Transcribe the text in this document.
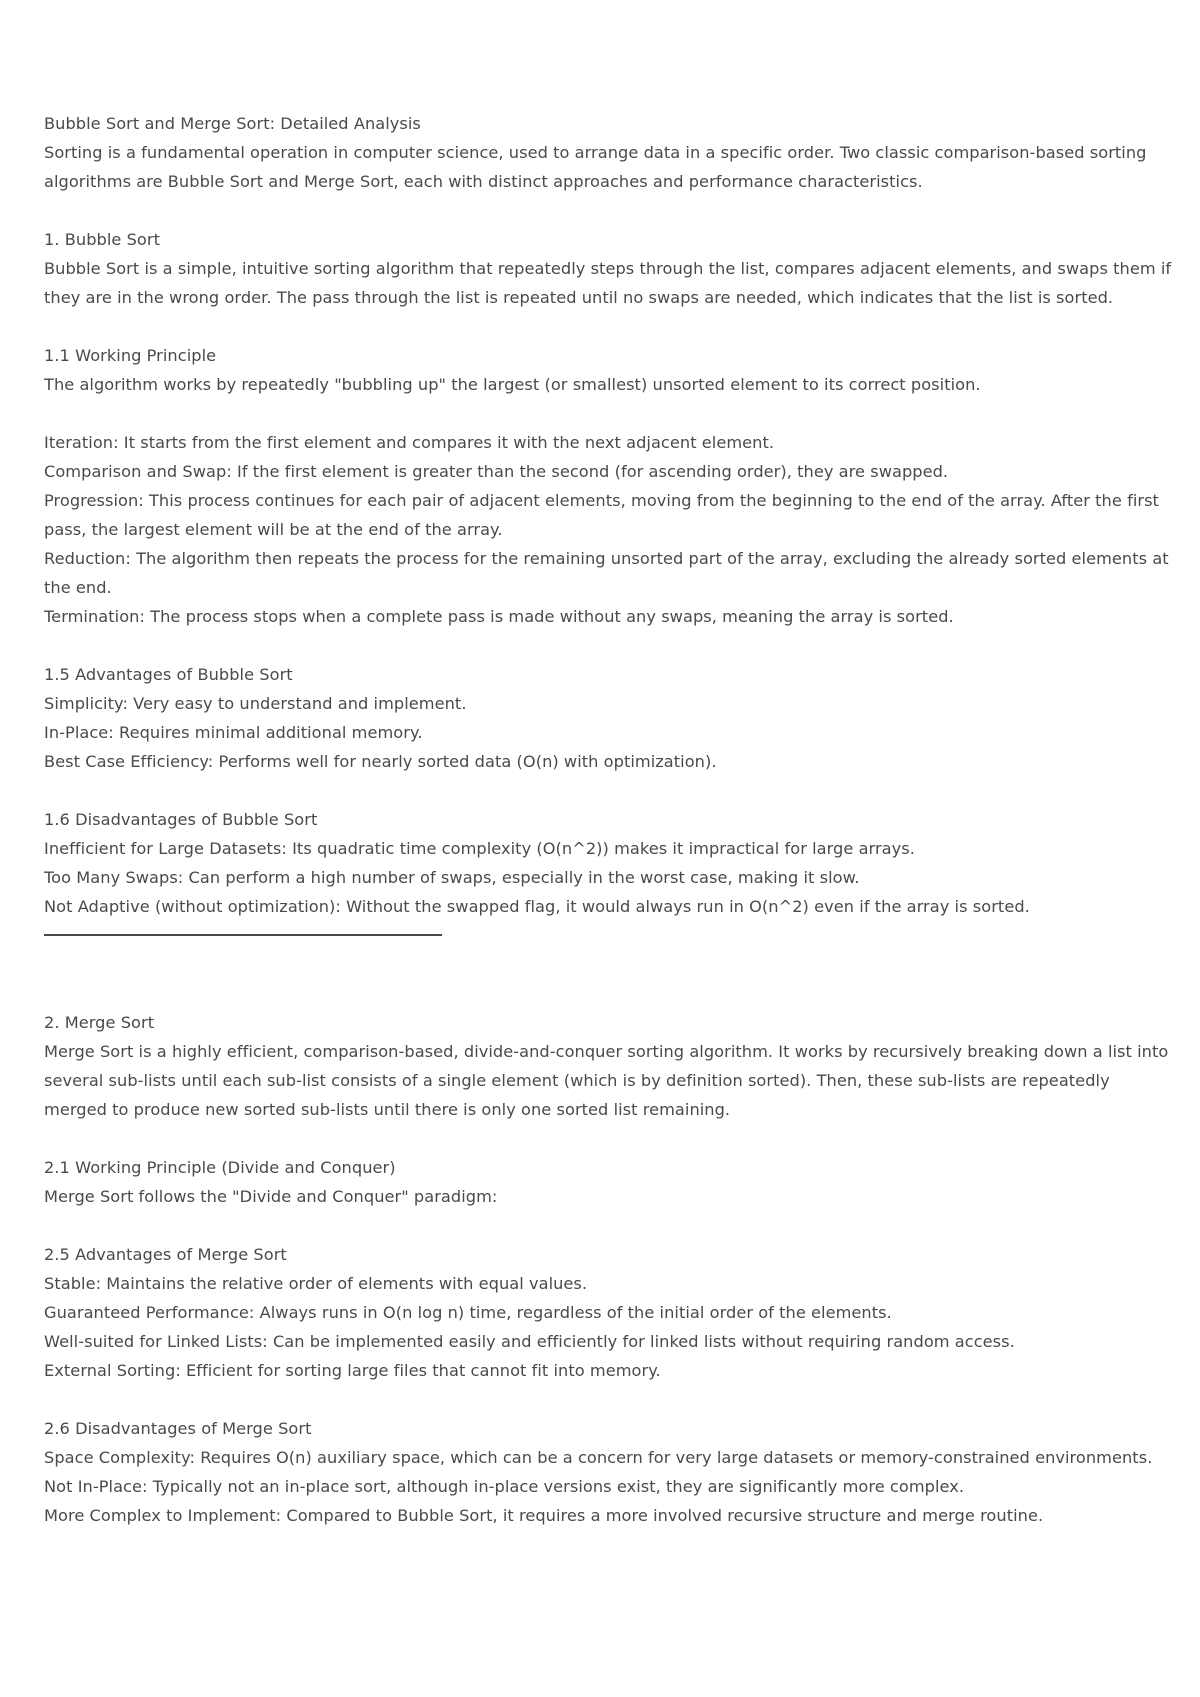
Bubble Sort and Merge Sort: Detailed Analysis
Sorting is a fundamental operation in computer science, used to arrange data in a specific order. Two classic comparison-based sorting algorithms are Bubble Sort and Merge Sort, each with distinct approaches and performance characteristics.
1. Bubble Sort
Bubble Sort is a simple, intuitive sorting algorithm that repeatedly steps through the list, compares adjacent elements, and swaps them if they are in the wrong order. The pass through the list is repeated until no swaps are needed, which indicates that the list is sorted.
1.1 Working Principle
The algorithm works by repeatedly "bubbling up" the largest (or smallest) unsorted element to its correct position.
Iteration: It starts from the first element and compares it with the next adjacent element.
Comparison and Swap: If the first element is greater than the second (for ascending order), they are swapped.
Progression: This process continues for each pair of adjacent elements, moving from the beginning to the end of the array. After the first pass, the largest element will be at the end of the array.
Reduction: The algorithm then repeats the process for the remaining unsorted part of the array, excluding the already sorted elements at the end.
Termination: The process stops when a complete pass is made without any swaps, meaning the array is sorted.
1.5 Advantages of Bubble Sort
Simplicity: Very easy to understand and implement.
In-Place: Requires minimal additional memory.
Best Case Efficiency: Performs well for nearly sorted data (O(n) with optimization).
1.6 Disadvantages of Bubble Sort
Inefficient for Large Datasets: Its quadratic time complexity (O(n^2)) makes it impractical for large arrays.
Too Many Swaps: Can perform a high number of swaps, especially in the worst case, making it slow.
Not Adaptive (without optimization): Without the swapped flag, it would always run in O(n^2) even if the array is sorted.
2. Merge Sort
Merge Sort is a highly efficient, comparison-based, divide-and-conquer sorting algorithm. It works by recursively breaking down a list into several sub-lists until each sub-list consists of a single element (which is by definition sorted). Then, these sub-lists are repeatedly merged to produce new sorted sub-lists until there is only one sorted list remaining.
2.1 Working Principle (Divide and Conquer)
Merge Sort follows the "Divide and Conquer" paradigm:
2.5 Advantages of Merge Sort
Stable: Maintains the relative order of elements with equal values.
Guaranteed Performance: Always runs in O(n log n) time, regardless of the initial order of the elements.
Well-suited for Linked Lists: Can be implemented easily and efficiently for linked lists without requiring random access.
External Sorting: Efficient for sorting large files that cannot fit into memory.
2.6 Disadvantages of Merge Sort
Space Complexity: Requires O(n) auxiliary space, which can be a concern for very large datasets or memory-constrained environments.
Not In-Place: Typically not an in-place sort, although in-place versions exist, they are significantly more complex.
More Complex to Implement: Compared to Bubble Sort, it requires a more involved recursive structure and merge routine.
